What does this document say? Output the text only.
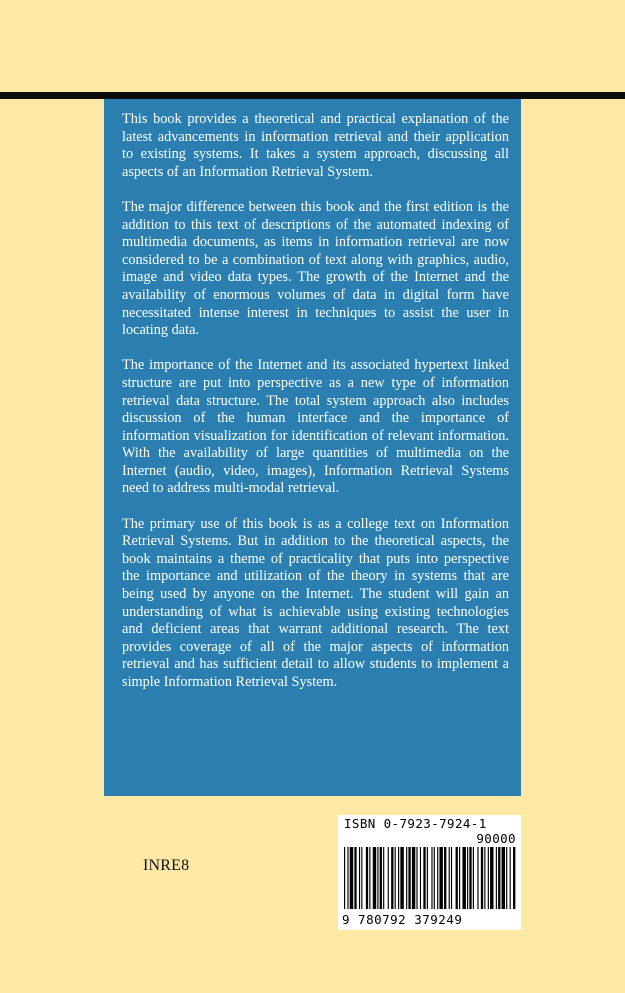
This book provides a theoretical and practical explanation of the latest advancements in information retrieval and their application to existing systems. It takes a system approach, discussing all aspects of an Information Retrieval System.

The major difference between this book and the first edition is the addition to this text of descriptions of the automated indexing of multimedia documents, as items in information retrieval are now considered to be a combination of text along with graphics, audio, image and video data types. The growth of the Internet and the availability of enormous volumes of data in digital form have necessitated intense interest in techniques to assist the user in locating data.

The importance of the Internet and its associated hypertext linked structure are put into perspective as a new type of information retrieval data structure. The total system approach also includes discussion of the human interface and the importance of information visualization for identification of relevant information. With the availability of large quantities of multimedia on the Internet (audio, video, images), Information Retrieval Systems need to address multi-modal retrieval.

The primary use of this book is as a college text on Information Retrieval Systems. But in addition to the theoretical aspects, the book maintains a theme of practicality that puts into perspective the importance and utilization of the theory in systems that are being used by anyone on the Internet. The student will gain an understanding of what is achievable using existing technologies and deficient areas that warrant additional research. The text provides coverage of all of the major aspects of information retrieval and has sufficient detail to allow students to implement a simple Information Retrieval System.

INRE8
ISBN 0-7923-7924-1
90000
9 780792 379249
